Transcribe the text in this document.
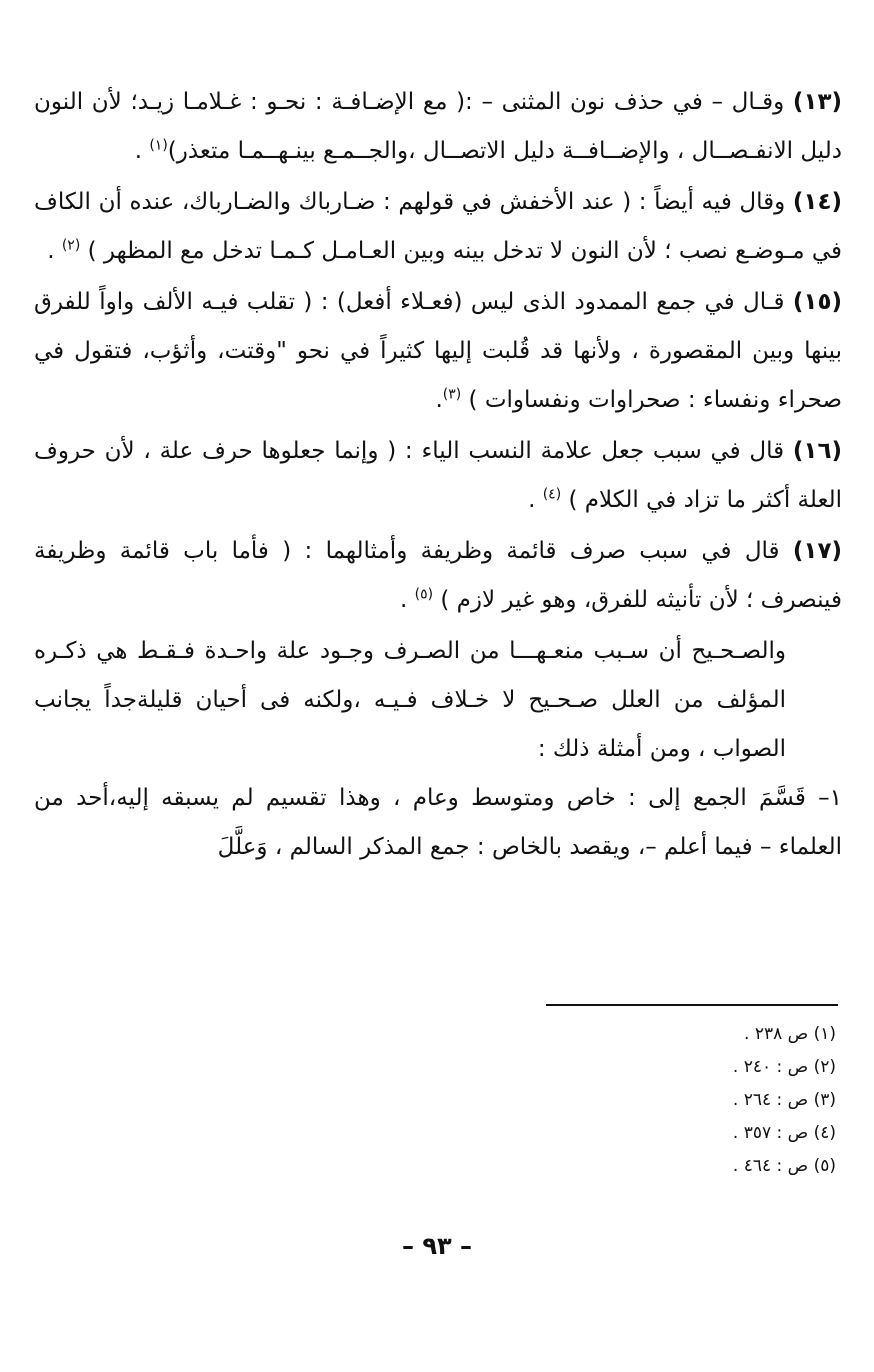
(١٣) وقـال – في حذف نون المثنى – :( مع الإضـافـة : نحـو : غـلامـا زيـد؛ لأن النون دليل الانفـصــال ، والإضــافــة دليل الاتصــال ،والجــمـع بينـهــمـا متعذر)$^{(١)}$ .
(١٤) وقال فيه أيضاً : ( عند الأخفش في قولهم : ضـارباك والضـارباك، عنده أن الكاف في مـوضـع نصب ؛ لأن النون لا تدخل بينه وبين العـامـل كـمـا تدخل مع المظهر ) $^{(٢)}$ .
(١٥) قـال في جمع الممدود الذى ليس (فعـلاء أفعل) : ( تقلب فيـه الألف واواً للفرق بينها وبين المقصورة ، ولأنها قد قُلبت إليها كثيراً في نحو "وقتت، وأثؤب، فتقول في صحراء ونفساء : صحراوات ونفساوات ) $^{(٣)}$.
(١٦) قال في سبب جعل علامة النسب الياء : ( وإنما جعلوها حرف علة ، لأن حروف العلة أكثر ما تزاد في الكلام ) $^{(٤)}$ .
(١٧) قال في سبب صرف قائمة وظريفة وأمثالهما : ( فأما باب قائمة وظريفة فينصرف ؛ لأن تأنيثه للفرق، وهو غير لازم ) $^{(٥)}$ .

والصـحـيح أن سـبب منعـهـــا من الصـرف وجـود علة واحـدة فـقـط هي ذكـره المؤلف من العلل صـحـيح لا خـلاف فـيـه ،ولكنه فى أحيان قليلةجداً يجانب الصواب ، ومن أمثلة ذلك :

١– قَسَّمَ الجمع إلى : خاص ومتوسط وعام ، وهذا تقسيم لم يسبقه إليه،أحد من العلماء – فيما أعلم –، ويقصد بالخاص : جمع المذكر السالم ، وَعلَّلَ

(١) ص ٢٣٨ .
(٢) ص : ٢٤٠ .
(٣) ص : ٢٦٤ .
(٤) ص : ٣٥٧ .
(٥) ص : ٤٦٤ .
– ٩٣ –
